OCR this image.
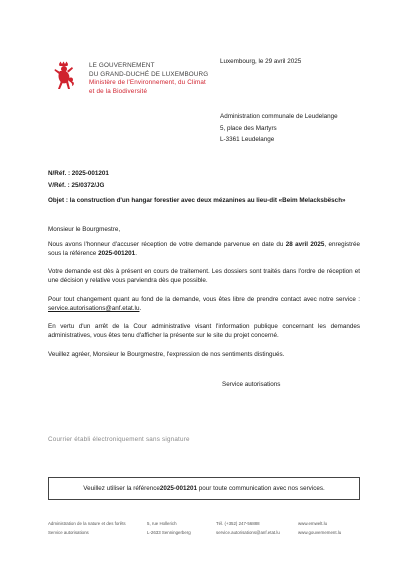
LE GOUVERNEMENT
DU GRAND-DUCHÉ DE LUXEMBOURG
Ministère de l'Environnement, du Climat
et de la Biodiversité
Luxembourg, le 29 avril 2025
Administration communale de Leudelange
5, place des Martyrs
L-3361 Leudelange
N/Réf. : 2025-001201
V/Réf. : 25/0372/JG
Objet : la construction d'un hangar forestier avec deux mézanines au lieu-dit «Beim Melacksbësch»
Monsieur le Bourgmestre,
Nous avons l'honneur d'accuser réception de votre demande parvenue en date du 28 avril 2025, enregistrée sous la référence 2025-001201.
Votre demande est dès à présent en cours de traitement. Les dossiers sont traités dans l'ordre de réception et une décision y relative vous parviendra dès que possible.
Pour tout changement quant au fond de la demande, vous êtes libre de prendre contact avec notre service : service.autorisations@anf.etat.lu.
En vertu d'un arrêt de la Cour administrative visant l'information publique concernant les demandes administratives, vous êtes tenu d'afficher la présente sur le site du projet concerné.
Veuillez agréer, Monsieur le Bourgmestre, l'expression de nos sentiments distingués.
Service autorisations
Courrier établi électroniquement sans signature
Veuillez utiliser la référence 2025-001201 pour toute communication avec nos services.
Administration de la nature et des forêts
Service autorisations
5, rue Hollerich
L-2633 Senningerberg
Tél. (+352) 247-56888
service.autorisations@anf.etat.lu
www.emwelt.lu
www.gouvernement.lu
